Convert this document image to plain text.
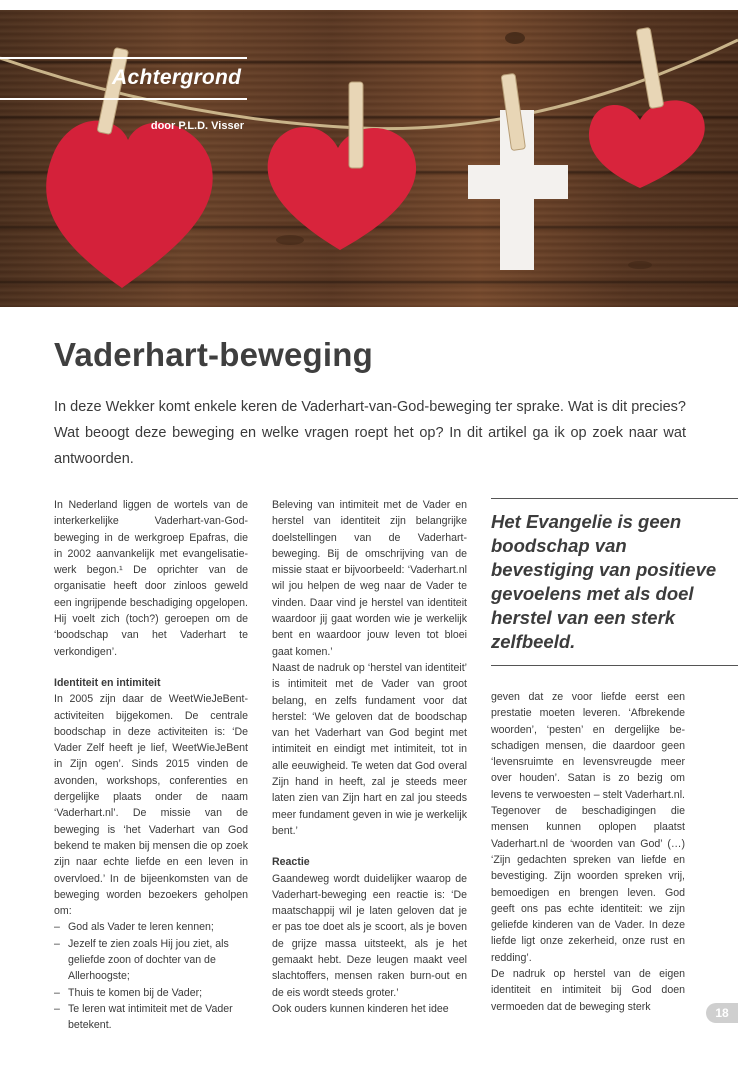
Achtergrond
door P.L.D. Visser
Vaderhart-beweging

In deze Wekker komt enkele keren de Vaderhart-van-God-beweging ter sprake. Wat is dit precies? Wat beoogt deze beweging en welke vragen roept het op? In dit artikel ga ik op zoek naar wat antwoorden.

In Nederland liggen de wortels van de interkerkelijke Vaderhart-van-God-beweging in de werkgroep Epafras, die in 2002 aanvankelijk met evangelisatiewerk begon.¹ De oprichter van de organisatie heeft door zinloos geweld een ingrijpende beschadiging opgelopen. Hij voelt zich (toch?) geroepen om de ‘boodschap van het Vaderhart te verkondigen’.

Identiteit en intimiteit

In 2005 zijn daar de WeetWieJeBent-activiteiten bijgekomen. De centrale boodschap in deze activiteiten is: ‘De Vader Zelf heeft je lief, WeetWieJeBent in Zijn ogen’. Sinds 2015 vinden de avonden, workshops, conferenties en dergelijke plaats onder de naam ‘Vaderhart.nl’. De missie van de beweging is ‘het Vaderhart van God bekend te maken bij mensen die op zoek zijn naar echte liefde en een leven in overvloed.’ In de bijeenkomsten van de beweging worden bezoekers geholpen om:

– God als Vader te leren kennen;
– Jezelf te zien zoals Hij jou ziet, als geliefde zoon of dochter van de Allerhoogste;
– Thuis te komen bij de Vader;
– Te leren wat intimiteit met de Vader betekent.

Beleving van intimiteit met de Vader en herstel van identiteit zijn belangrijke doelstellingen van de Vaderhart-beweging. Bij de omschrijving van de missie staat er bijvoorbeeld: ‘Vaderhart.nl wil jou helpen de weg naar de Vader te vinden. Daar vind je herstel van identiteit waardoor jij gaat worden wie je werkelijk bent en waardoor jouw leven tot bloei gaat komen.’

Naast de nadruk op ‘herstel van identiteit’ is intimiteit met de Vader van groot belang, en zelfs fundament voor dat herstel: ‘We geloven dat de boodschap van het Vaderhart van God begint met intimiteit en eindigt met intimiteit, tot in alle eeuwigheid. Te weten dat God overal Zijn hand in heeft, zal je steeds meer laten zien van Zijn hart en zal jou steeds meer fundament geven in wie je werkelijk bent.’

Reactie

Gaandeweg wordt duidelijker waarop de Vaderhart-beweging een reactie is: ‘De maatschappij wil je laten geloven dat je er pas toe doet als je scoort, als je boven de grijze massa uitsteekt, als je het gemaakt hebt. Deze leugen maakt veel slachtoffers, mensen raken burn-out en de eis wordt steeds groter.’

Ook ouders kunnen kinderen het idee

Het Evangelie is geen boodschap van bevestiging van positieve gevoelens met als doel herstel van een sterk zelfbeeld.

geven dat ze voor liefde eerst een prestatie moeten leveren. ‘Afbrekende woorden’, ‘pesten’ en dergelijke beschadigen mensen, die daardoor geen ‘levensruimte en levensvreugde meer over houden’. Satan is zo bezig om levens te verwoesten – stelt Vaderhart.nl. Tegenover de beschadigingen die mensen kunnen oplopen plaatst Vaderhart.nl de ‘woorden van God’ (…) ‘Zijn gedachten spreken van liefde en bevestiging. Zijn woorden spreken vrij, bemoedigen en brengen leven. God geeft ons pas echte identiteit: we zijn geliefde kinderen van de Vader. In deze liefde ligt onze zekerheid, onze rust en redding’.

De nadruk op herstel van de eigen identiteit en intimiteit bij God doen vermoeden dat de beweging sterk	18
